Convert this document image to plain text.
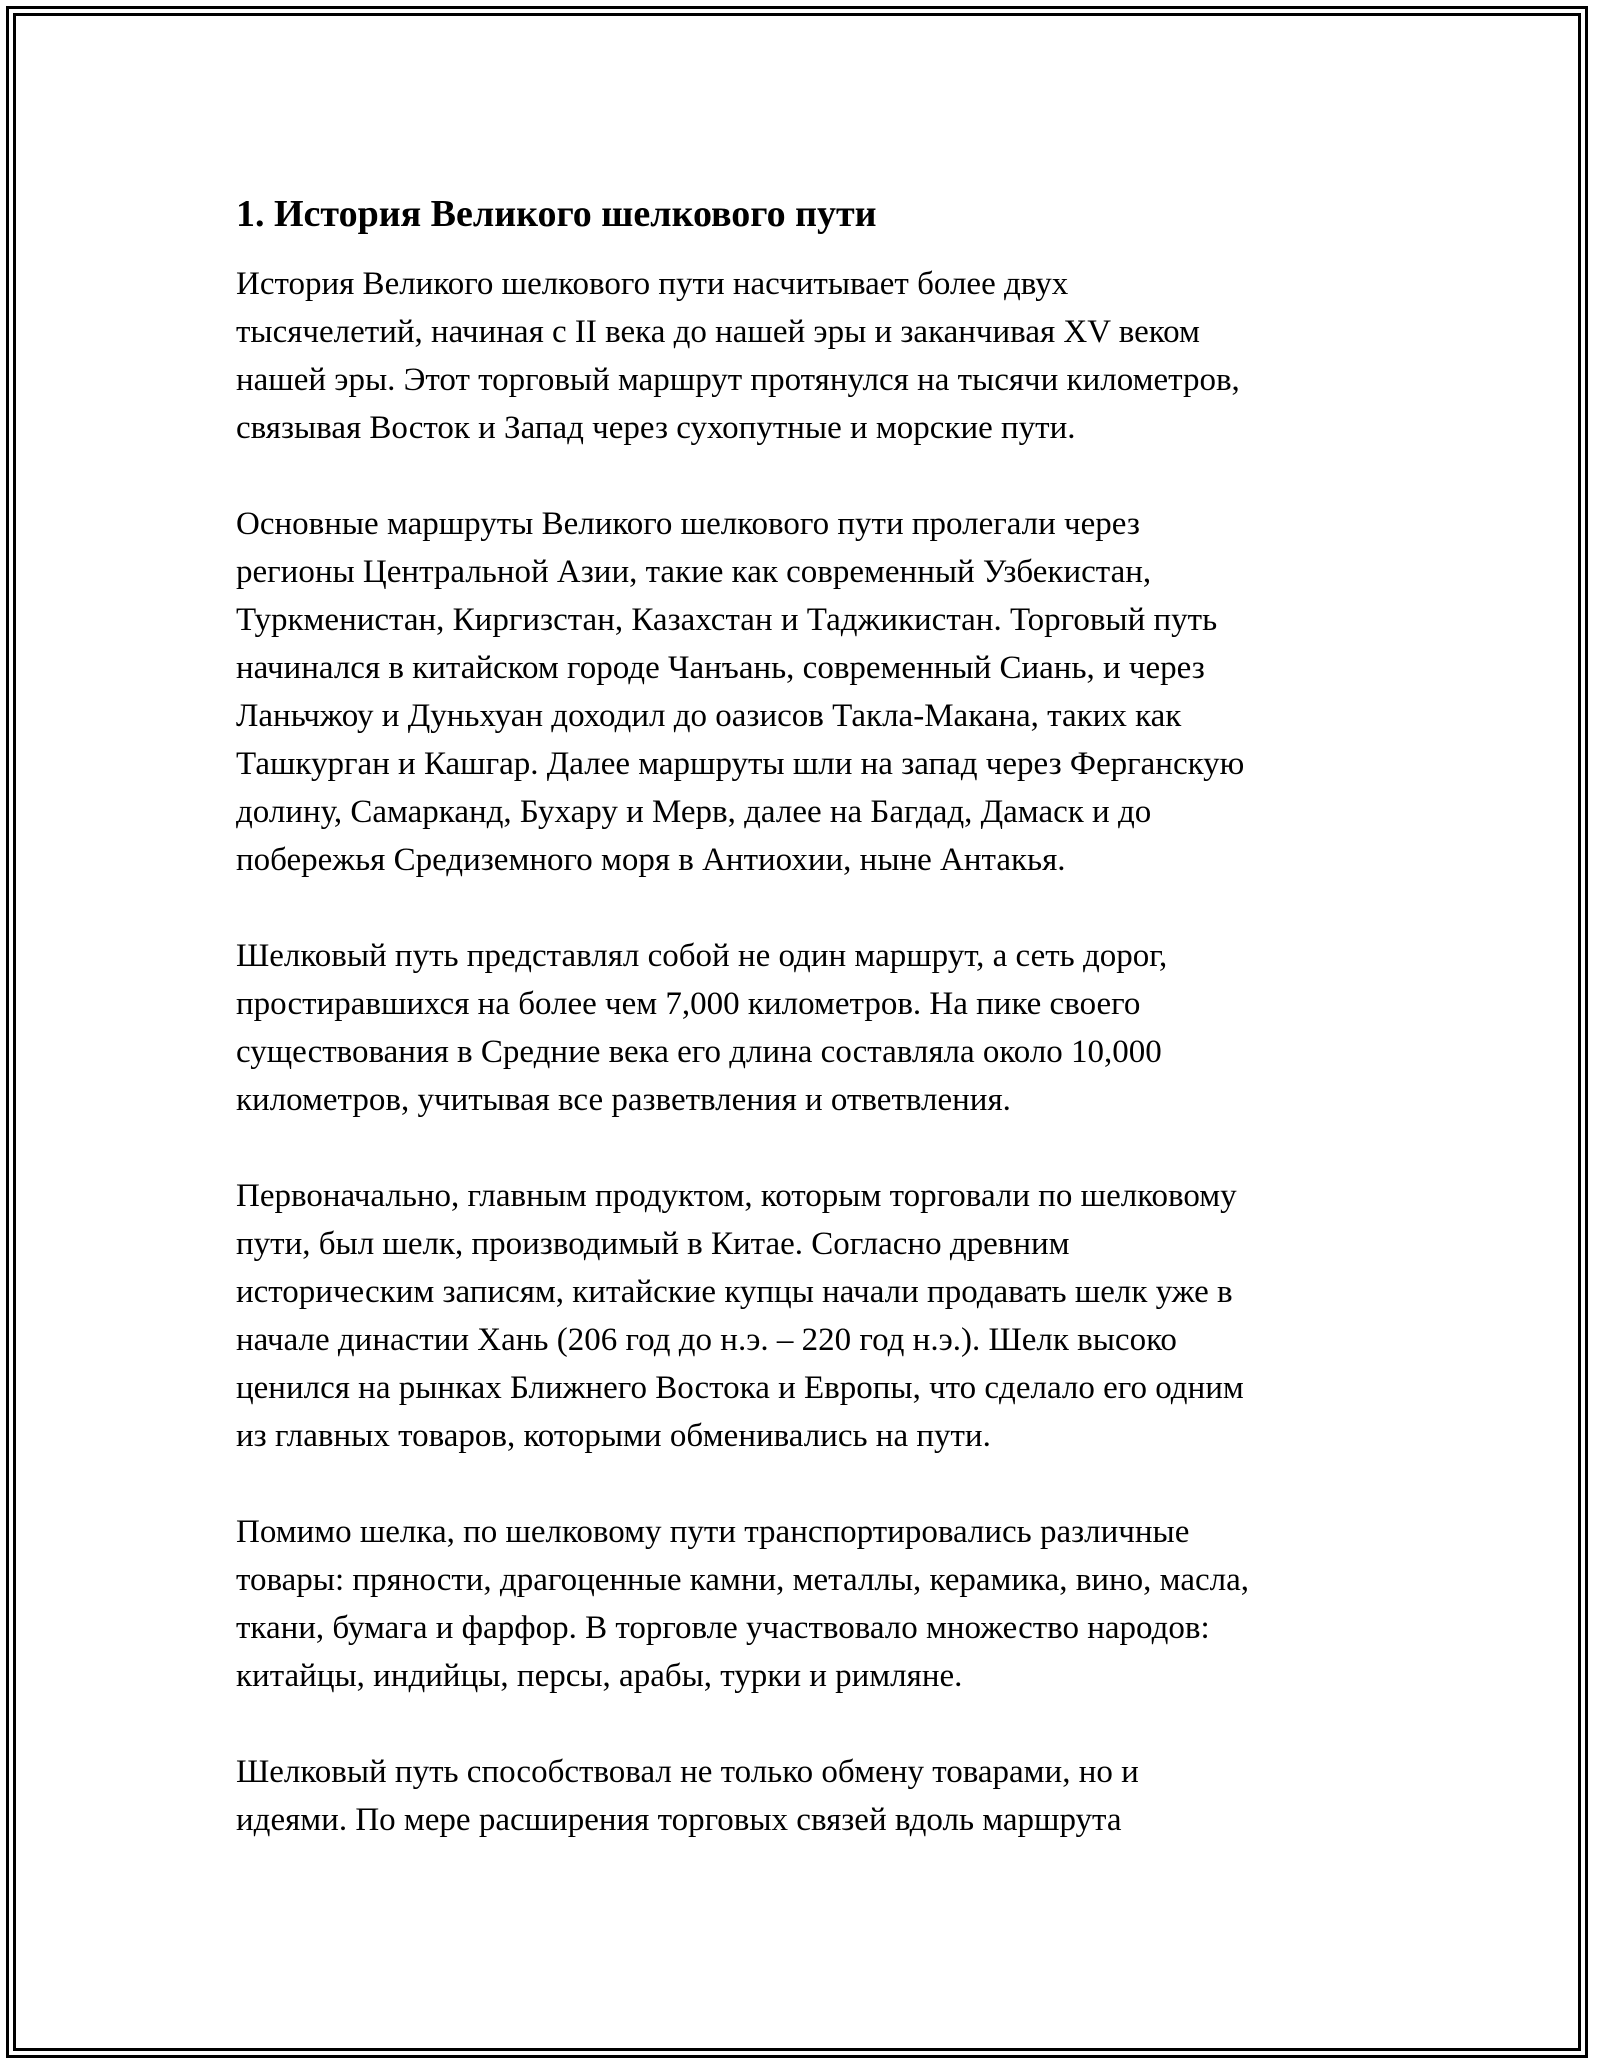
1. История Великого шелкового пути

История Великого шелкового пути насчитывает более двух
тысячелетий, начиная с II века до нашей эры и заканчивая XV веком
нашей эры. Этот торговый маршрут протянулся на тысячи километров,
связывая Восток и Запад через сухопутные и морские пути.

Основные маршруты Великого шелкового пути пролегали через
регионы Центральной Азии, такие как современный Узбекистан,
Туркменистан, Киргизстан, Казахстан и Таджикистан. Торговый путь
начинался в китайском городе Чанъань, современный Сиань, и через
Ланьчжоу и Дуньхуан доходил до оазисов Такла-Макана, таких как
Ташкурган и Кашгар. Далее маршруты шли на запад через Ферганскую
долину, Самарканд, Бухару и Мерв, далее на Багдад, Дамаск и до
побережья Средиземного моря в Антиохии, ныне Антакья.

Шелковый путь представлял собой не один маршрут, а сеть дорог,
простиравшихся на более чем 7,000 километров. На пике своего
существования в Средние века его длина составляла около 10,000
километров, учитывая все разветвления и ответвления.

Первоначально, главным продуктом, которым торговали по шелковому
пути, был шелк, производимый в Китае. Согласно древним
историческим записям, китайские купцы начали продавать шелк уже в
начале династии Хань (206 год до н.э. – 220 год н.э.). Шелк высоко
ценился на рынках Ближнего Востока и Европы, что сделало его одним
из главных товаров, которыми обменивались на пути.

Помимо шелка, по шелковому пути транспортировались различные
товары: пряности, драгоценные камни, металлы, керамика, вино, масла,
ткани, бумага и фарфор. В торговле участвовало множество народов:
китайцы, индийцы, персы, арабы, турки и римляне.

Шелковый путь способствовал не только обмену товарами, но и
идеями. По мере расширения торговых связей вдоль маршрута
